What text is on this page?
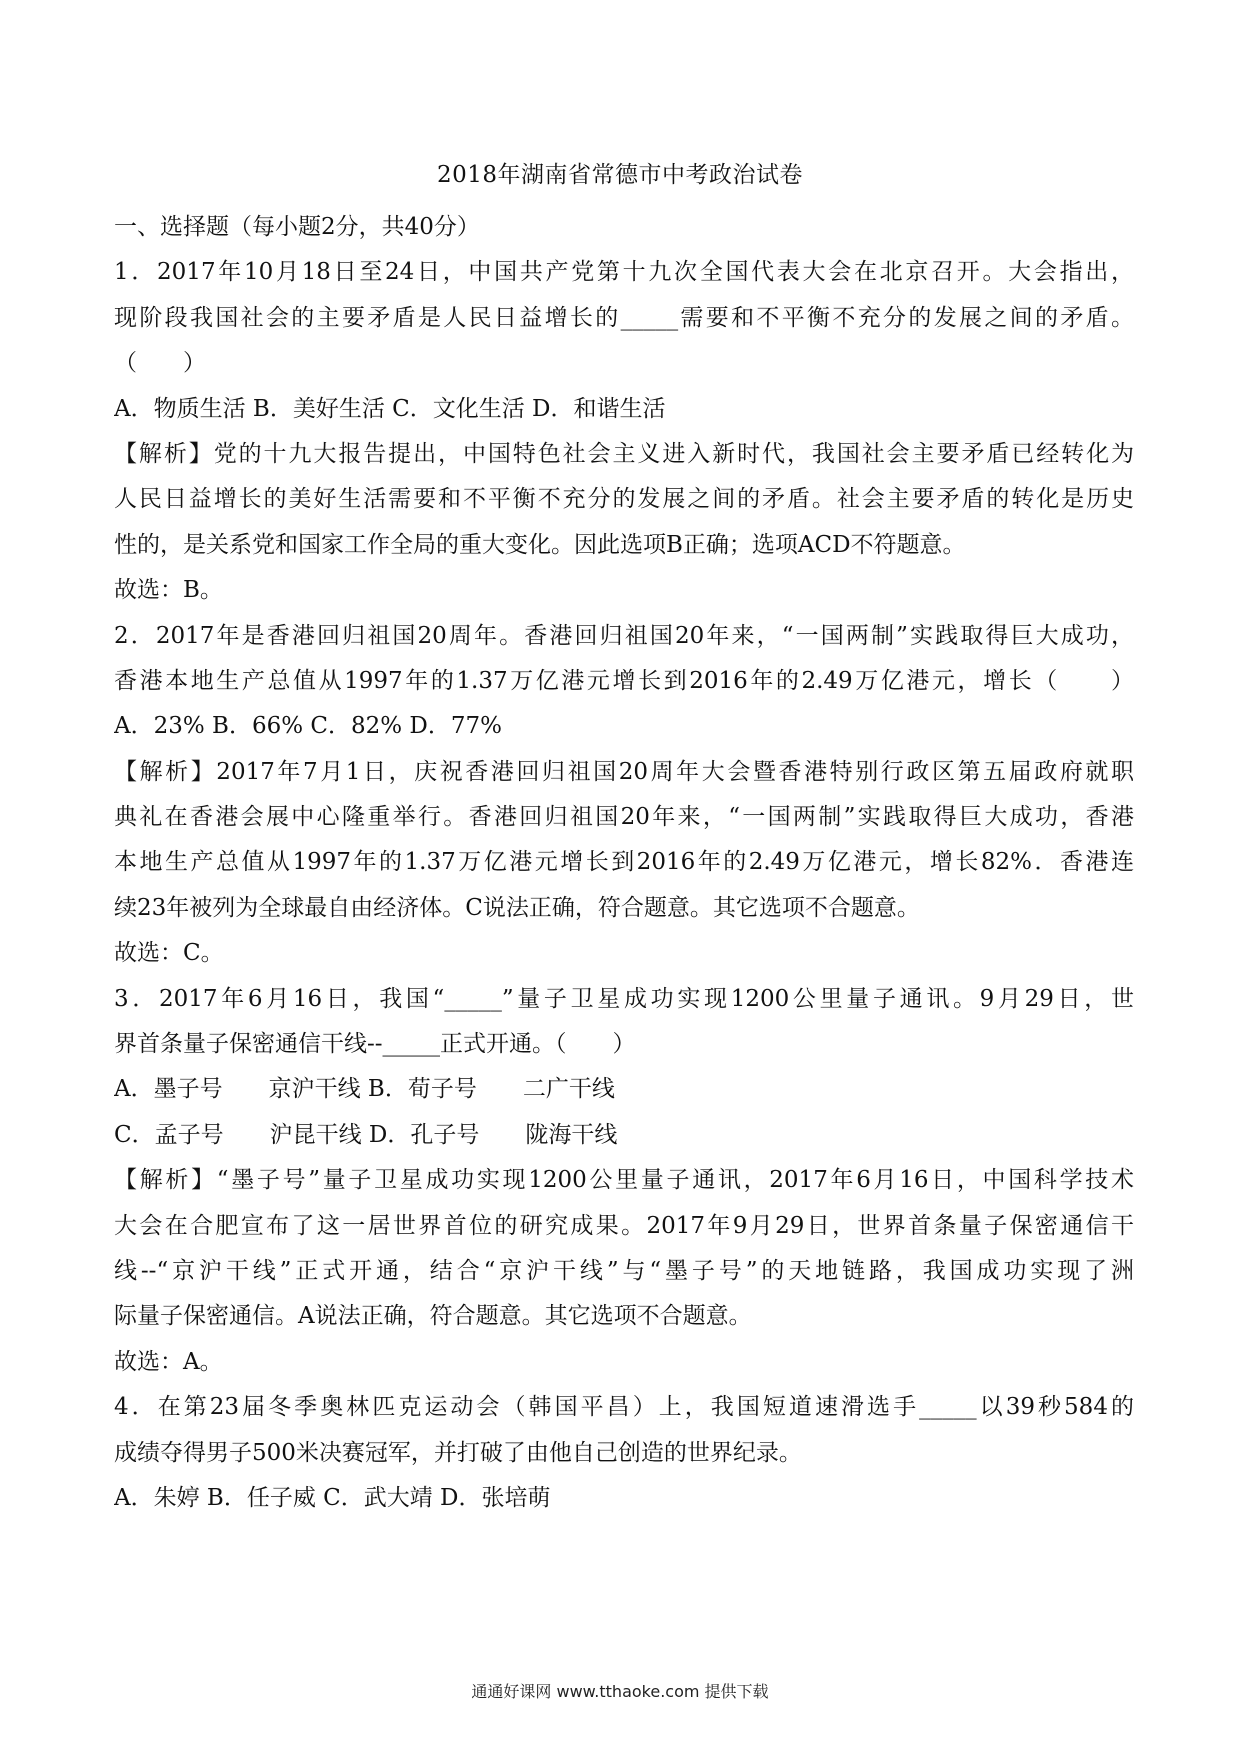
2018年湖南省常德市中考政治试卷
一、选择题（每小题2分，共40分）
1．2017年10月18日至24日，中国共产党第十九次全国代表大会在北京召开。大会指出，
现阶段我国社会的主要矛盾是人民日益增长的_____需要和不平衡不充分的发展之间的矛盾。
（　　）
A．物质生活 B．美好生活 C．文化生活 D．和谐生活
【解析】党的十九大报告提出，中国特色社会主义进入新时代，我国社会主要矛盾已经转化为
人民日益增长的美好生活需要和不平衡不充分的发展之间的矛盾。社会主要矛盾的转化是历史
性的，是关系党和国家工作全局的重大变化。因此选项B正确；选项ACD不符题意。
故选：B。
2．2017年是香港回归祖国20周年。香港回归祖国20年来，“一国两制”实践取得巨大成功，
香港本地生产总值从1997年的1.37万亿港元增长到2016年的2.49万亿港元，增长（　　）
A．23% B．66% C．82% D．77%
【解析】2017年7月1日，庆祝香港回归祖国20周年大会暨香港特别行政区第五届政府就职
典礼在香港会展中心隆重举行。香港回归祖国20年来，“一国两制”实践取得巨大成功，香港
本地生产总值从1997年的1.37万亿港元增长到2016年的2.49万亿港元，增长82%．香港连
续23年被列为全球最自由经济体。C说法正确，符合题意。其它选项不合题意。
故选：C。
3．2017年6月16日，我国“_____”量子卫星成功实现1200公里量子通讯。9月29日，世
界首条量子保密通信干线--_____正式开通。（　　）
A．墨子号　　京沪干线 B．荀子号　　二广干线
C．孟子号　　沪昆干线 D．孔子号　　陇海干线
【解析】“墨子号”量子卫星成功实现1200公里量子通讯，2017年6月16日，中国科学技术
大会在合肥宣布了这一居世界首位的研究成果。2017年9月29日，世界首条量子保密通信干
线--“京沪干线”正式开通，结合“京沪干线”与“墨子号”的天地链路，我国成功实现了洲
际量子保密通信。A说法正确，符合题意。其它选项不合题意。
故选：A。
4．在第23届冬季奥林匹克运动会（韩国平昌）上，我国短道速滑选手_____以39秒584的
成绩夺得男子500米决赛冠军，并打破了由他自己创造的世界纪录。
A．朱婷 B．任子威 C．武大靖 D．张培萌
通通好课网 www.tthaoke.com 提供下载
